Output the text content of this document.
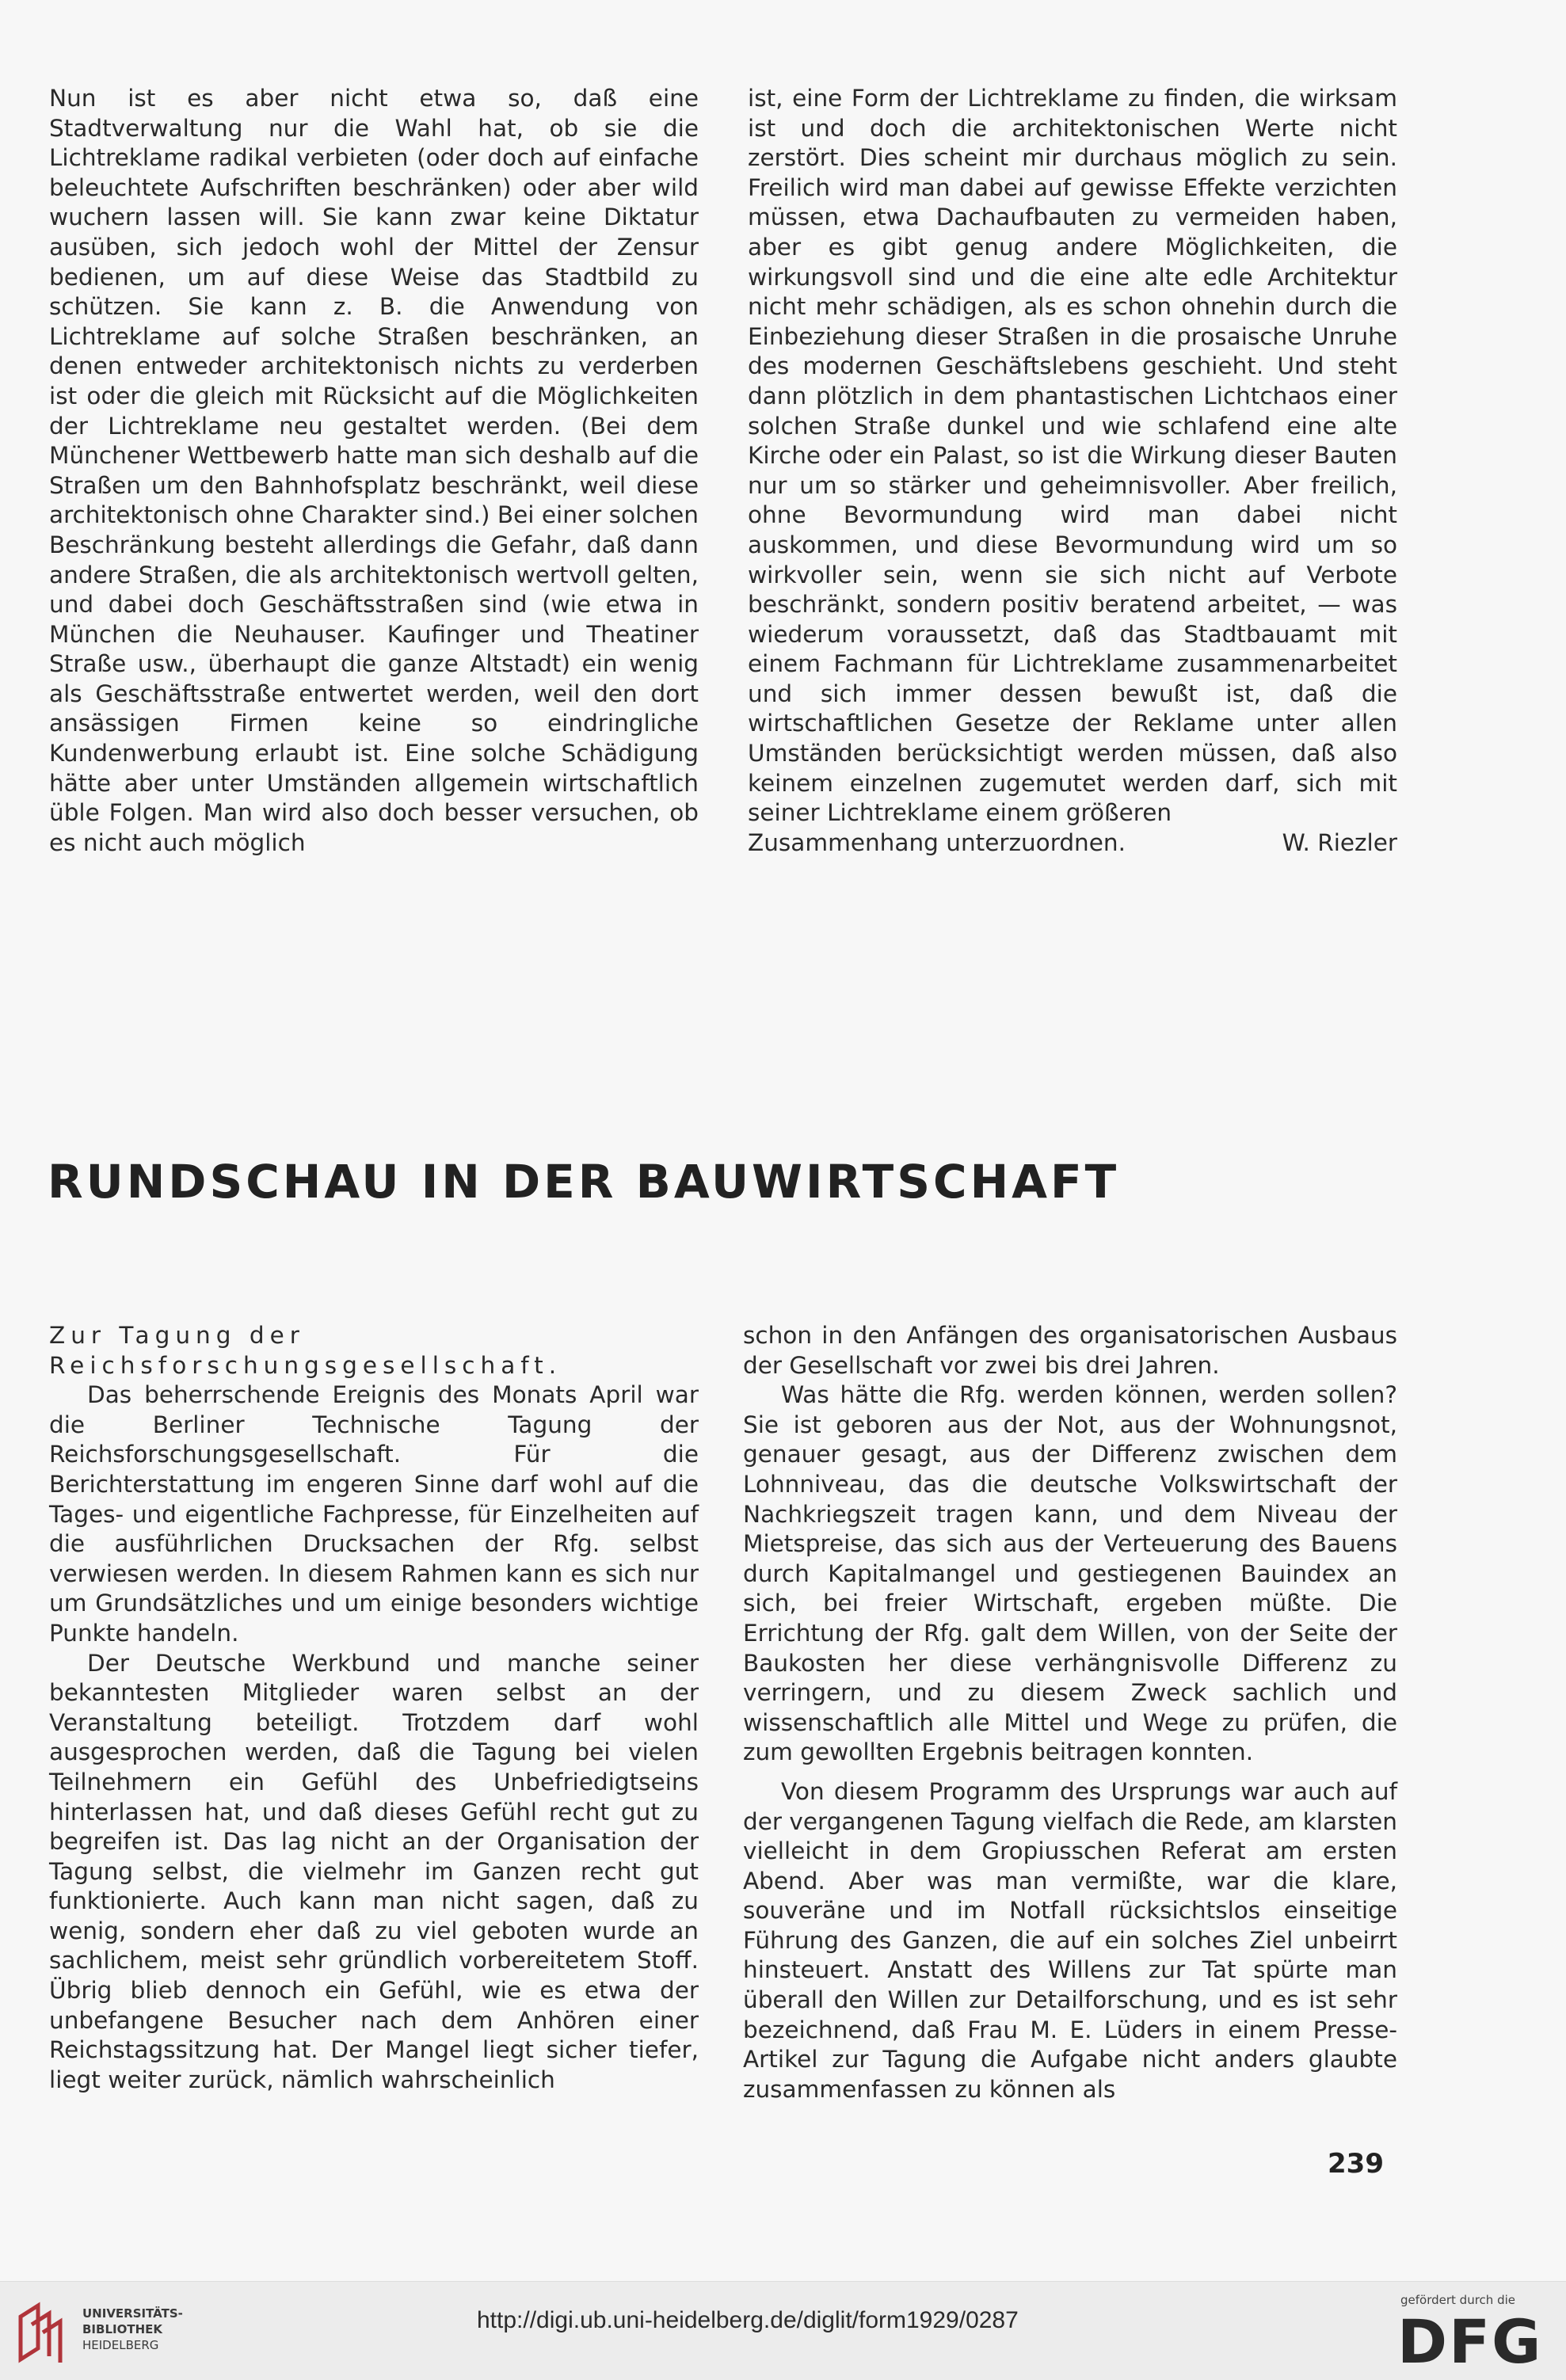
Nun ist es aber nicht etwa so, daß eine Stadtverwaltung nur die Wahl hat, ob sie die Lichtreklame radikal verbieten (oder doch auf einfache beleuchtete Aufschriften beschränken) oder aber wild wuchern lassen will. Sie kann zwar keine Diktatur ausüben, sich jedoch wohl der Mittel der Zensur bedienen, um auf diese Weise das Stadtbild zu schützen. Sie kann z. B. die Anwendung von Lichtreklame auf solche Straßen beschränken, an denen entweder architektonisch nichts zu verderben ist oder die gleich mit Rücksicht auf die Möglichkeiten der Lichtreklame neu gestaltet werden. (Bei dem Münchener Wettbewerb hatte man sich deshalb auf die Straßen um den Bahnhofsplatz beschränkt, weil diese architektonisch ohne Charakter sind.) Bei einer solchen Beschränkung besteht allerdings die Gefahr, daß dann andere Straßen, die als architektonisch wertvoll gelten, und dabei doch Geschäftsstraßen sind (wie etwa in München die Neuhauser. Kaufinger und Theatiner Straße usw., überhaupt die ganze Altstadt) ein wenig als Geschäftsstraße entwertet werden, weil den dort ansässigen Firmen keine so eindringliche Kundenwerbung erlaubt ist. Eine solche Schädigung hätte aber unter Umständen allgemein wirtschaftlich üble Folgen. Man wird also doch besser versuchen, ob es nicht auch möglich

ist, eine Form der Lichtreklame zu finden, die wirksam ist und doch die architektonischen Werte nicht zerstört. Dies scheint mir durchaus möglich zu sein. Freilich wird man dabei auf gewisse Effekte verzichten müssen, etwa Dachaufbauten zu vermeiden haben, aber es gibt genug andere Möglichkeiten, die wirkungsvoll sind und die eine alte edle Architektur nicht mehr schädigen, als es schon ohnehin durch die Einbeziehung dieser Straßen in die prosaische Unruhe des modernen Geschäftslebens geschieht. Und steht dann plötzlich in dem phantastischen Lichtchaos einer solchen Straße dunkel und wie schlafend eine alte Kirche oder ein Palast, so ist die Wirkung dieser Bauten nur um so stärker und geheimnisvoller. Aber freilich, ohne Bevormundung wird man dabei nicht auskommen, und diese Bevormundung wird um so wirkvoller sein, wenn sie sich nicht auf Verbote beschränkt, sondern positiv beratend arbeitet, — was wiederum voraussetzt, daß das Stadtbauamt mit einem Fachmann für Lichtreklame zusammenarbeitet und sich immer dessen bewußt ist, daß die wirtschaftlichen Gesetze der Reklame unter allen Umständen berücksichtigt werden müssen, daß also keinem einzelnen zugemutet werden darf, sich mit seiner Lichtreklame einem größeren

Zusammenhang unterzuordnen.	W. Riezler
RUNDSCHAU IN DER BAUWIRTSCHAFT

Zur Tagung der Reichsforschungsgesellschaft.

Das beherrschende Ereignis des Monats April war die Berliner Technische Tagung der Reichsforschungsgesellschaft. Für die Berichterstattung im engeren Sinne darf wohl auf die Tages- und eigentliche Fachpresse, für Einzelheiten auf die ausführlichen Drucksachen der Rfg. selbst verwiesen werden. In diesem Rahmen kann es sich nur um Grundsätzliches und um einige besonders wichtige Punkte handeln.

Der Deutsche Werkbund und manche seiner bekanntesten Mitglieder waren selbst an der Veranstaltung beteiligt. Trotzdem darf wohl ausgesprochen werden, daß die Tagung bei vielen Teilnehmern ein Gefühl des Unbefriedigtseins hinterlassen hat, und daß dieses Gefühl recht gut zu begreifen ist. Das lag nicht an der Organisation der Tagung selbst, die vielmehr im Ganzen recht gut funktionierte. Auch kann man nicht sagen, daß zu wenig, sondern eher daß zu viel geboten wurde an sachlichem, meist sehr gründlich vorbereitetem Stoff. Übrig blieb dennoch ein Gefühl, wie es etwa der unbefangene Besucher nach dem Anhören einer Reichstagssitzung hat. Der Mangel liegt sicher tiefer, liegt weiter zurück, nämlich wahrscheinlich

schon in den Anfängen des organisatorischen Ausbaus der Gesellschaft vor zwei bis drei Jahren.

Was hätte die Rfg. werden können, werden sollen? Sie ist geboren aus der Not, aus der Wohnungsnot, genauer gesagt, aus der Differenz zwischen dem Lohnniveau, das die deutsche Volkswirtschaft der Nachkriegszeit tragen kann, und dem Niveau der Mietspreise, das sich aus der Verteuerung des Bauens durch Kapitalmangel und gestiegenen Bauindex an sich, bei freier Wirtschaft, ergeben müßte. Die Errichtung der Rfg. galt dem Willen, von der Seite der Baukosten her diese verhängnisvolle Differenz zu verringern, und zu diesem Zweck sachlich und wissenschaftlich alle Mittel und Wege zu prüfen, die zum gewollten Ergebnis beitragen konnten.

Von diesem Programm des Ursprungs war auch auf der vergangenen Tagung vielfach die Rede, am klarsten vielleicht in dem Gropiusschen Referat am ersten Abend. Aber was man vermißte, war die klare, souveräne und im Notfall rücksichtslos einseitige Führung des Ganzen, die auf ein solches Ziel unbeirrt hinsteuert. Anstatt des Willens zur Tat spürte man überall den Willen zur Detailforschung, und es ist sehr bezeichnend, daß Frau M. E. Lüders in einem Presse-Artikel zur Tagung die Aufgabe nicht anders glaubte zusammenfassen zu können als

239
UNIVERSITÄTS-
BIBLIOTHEK
HEIDELBERG
http://digi.ub.uni-heidelberg.de/diglit/form1929/0287
gefördert durch die
DFG
